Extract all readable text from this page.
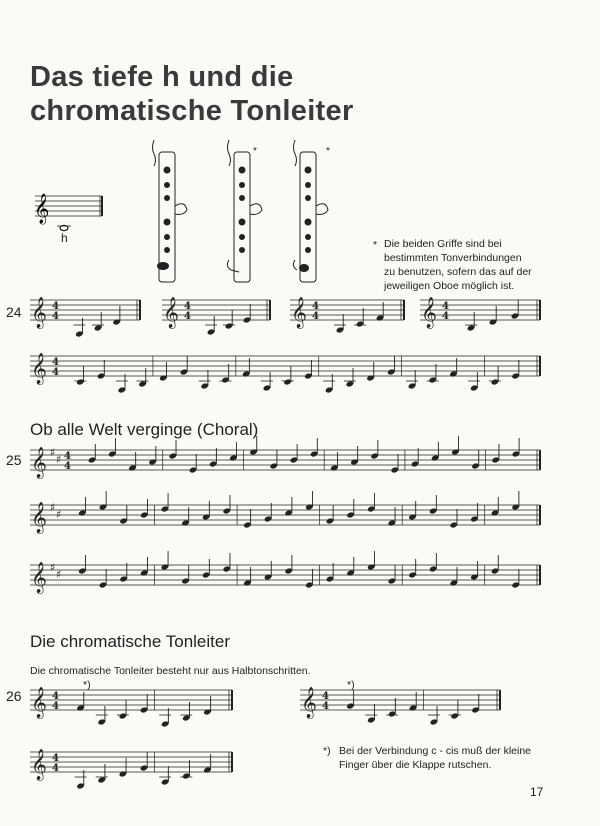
Das tiefe h und die
chromatische Tonleiter
𝄞
h
*	*
* Die beiden Griffe sind bei
bestimmten Tonverbindungen
zu benutzen, sofern das auf der
jeweiligen Oboe möglich ist.
24
25
26
Ob alle Welt verginge (Choral)
Die chromatische Tonleiter
Die chromatische Tonleiter besteht nur aus Halbtonschritten.
*) Bei der Verbindung c - cis muß der kleine
Finger über die Klappe rutschen.
*)	*)
17
𝄞 4
4	𝄞 4
4	𝄞 4
4	𝄞 4
4
𝄞 4
4
𝄞 ♯
♯ 4
4
𝄞 ♯
♯
𝄞 ♯
♯
𝄞 4
4	𝄞 4
4
𝄞 4
4
